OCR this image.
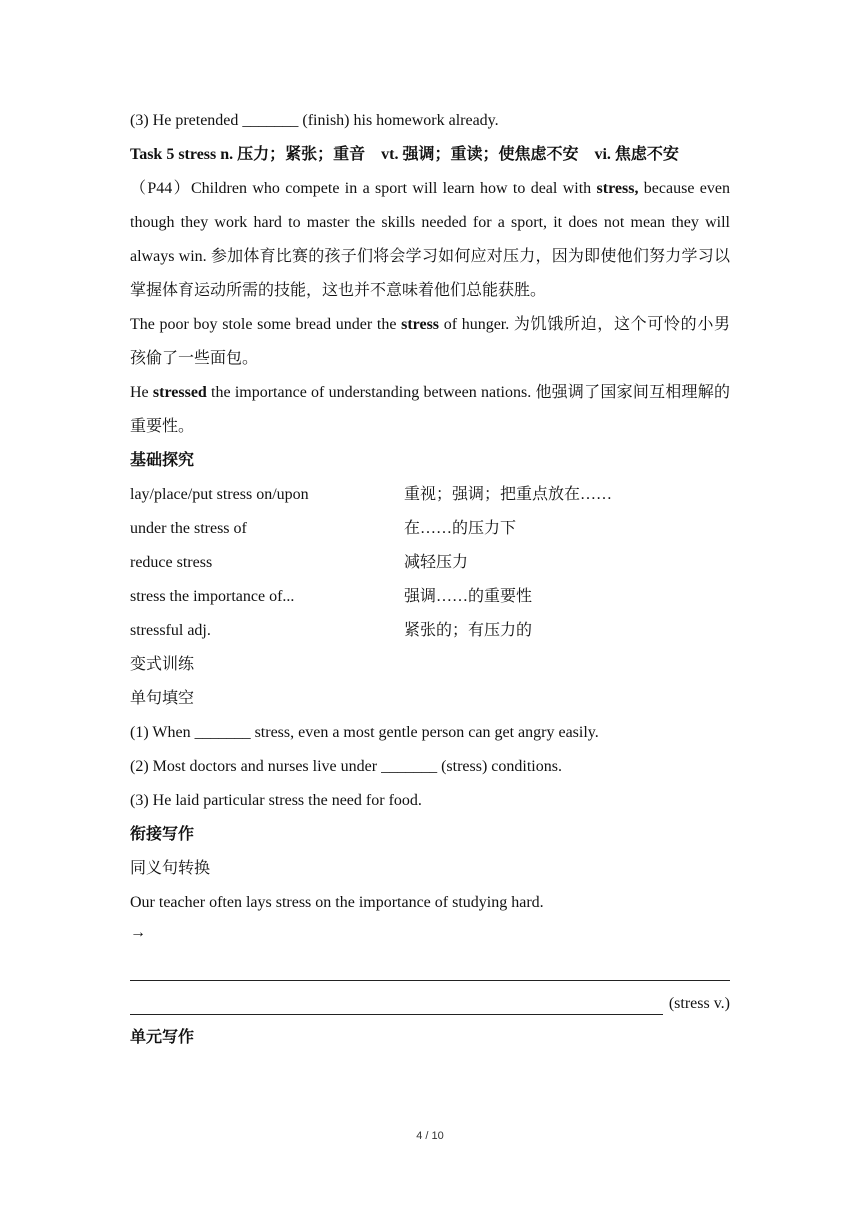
(3) He pretended _______ (finish) his homework already.

Task 5 stress n. 压力；紧张；重音　vt. 强调；重读；使焦虑不安　vi. 焦虑不安

（P44）Children who compete in a sport will learn how to deal with stress, because even though they work hard to master the skills needed for a sport, it does not mean they will always win. 参加体育比赛的孩子们将会学习如何应对压力，因为即使他们努力学习以掌握体育运动所需的技能，这也并不意味着他们总能获胜。

The poor boy stole some bread under the stress of hunger. 为饥饿所迫，这个可怜的小男孩偷了一些面包。

He stressed the importance of understanding between nations. 他强调了国家间互相理解的重要性。

基础探究

lay/place/put stress on/upon	重视；强调；把重点放在……
under the stress of	在……的压力下
reduce stress	减轻压力
stress the importance of...	强调……的重要性
stressful adj.	紧张的；有压力的

变式训练

单句填空

(1) When _______ stress, even a most gentle person can get angry easily.

(2) Most doctors and nurses live under _______ (stress) conditions.

(3) He laid particular stress the need for food.

衔接写作

同义句转换

Our teacher often lays stress on the importance of studying hard.

→

(stress v.)

单元写作

4 / 10
